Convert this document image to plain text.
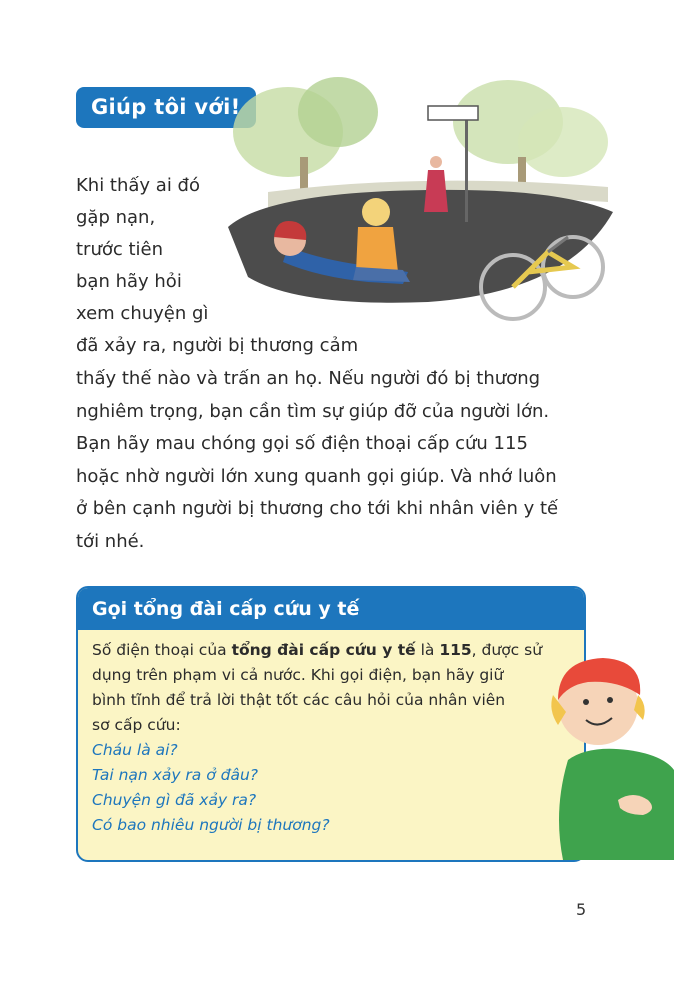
Giúp tôi với!
Khi thấy ai đó
gặp nạn,
trước tiên
bạn hãy hỏi
xem chuyện gì
đã xảy ra, người bị thương cảm
thấy thế nào và trấn an họ. Nếu người đó bị thương
nghiêm trọng, bạn cần tìm sự giúp đỡ của người lớn.
Bạn hãy mau chóng gọi số điện thoại cấp cứu 115
hoặc nhờ người lớn xung quanh gọi giúp. Và nhớ luôn
ở bên cạnh người bị thương cho tới khi nhân viên y tế
tới nhé.
Gọi tổng đài cấp cứu y tế
Số điện thoại của tổng đài cấp cứu y tế là 115, được sử
dụng trên phạm vi cả nước. Khi gọi điện, bạn hãy giữ
bình tĩnh để trả lời thật tốt các câu hỏi của nhân viên
sơ cấp cứu:
Cháu là ai?
Tai nạn xảy ra ở đâu?
Chuyện gì đã xảy ra?
Có bao nhiêu người bị thương?
5
